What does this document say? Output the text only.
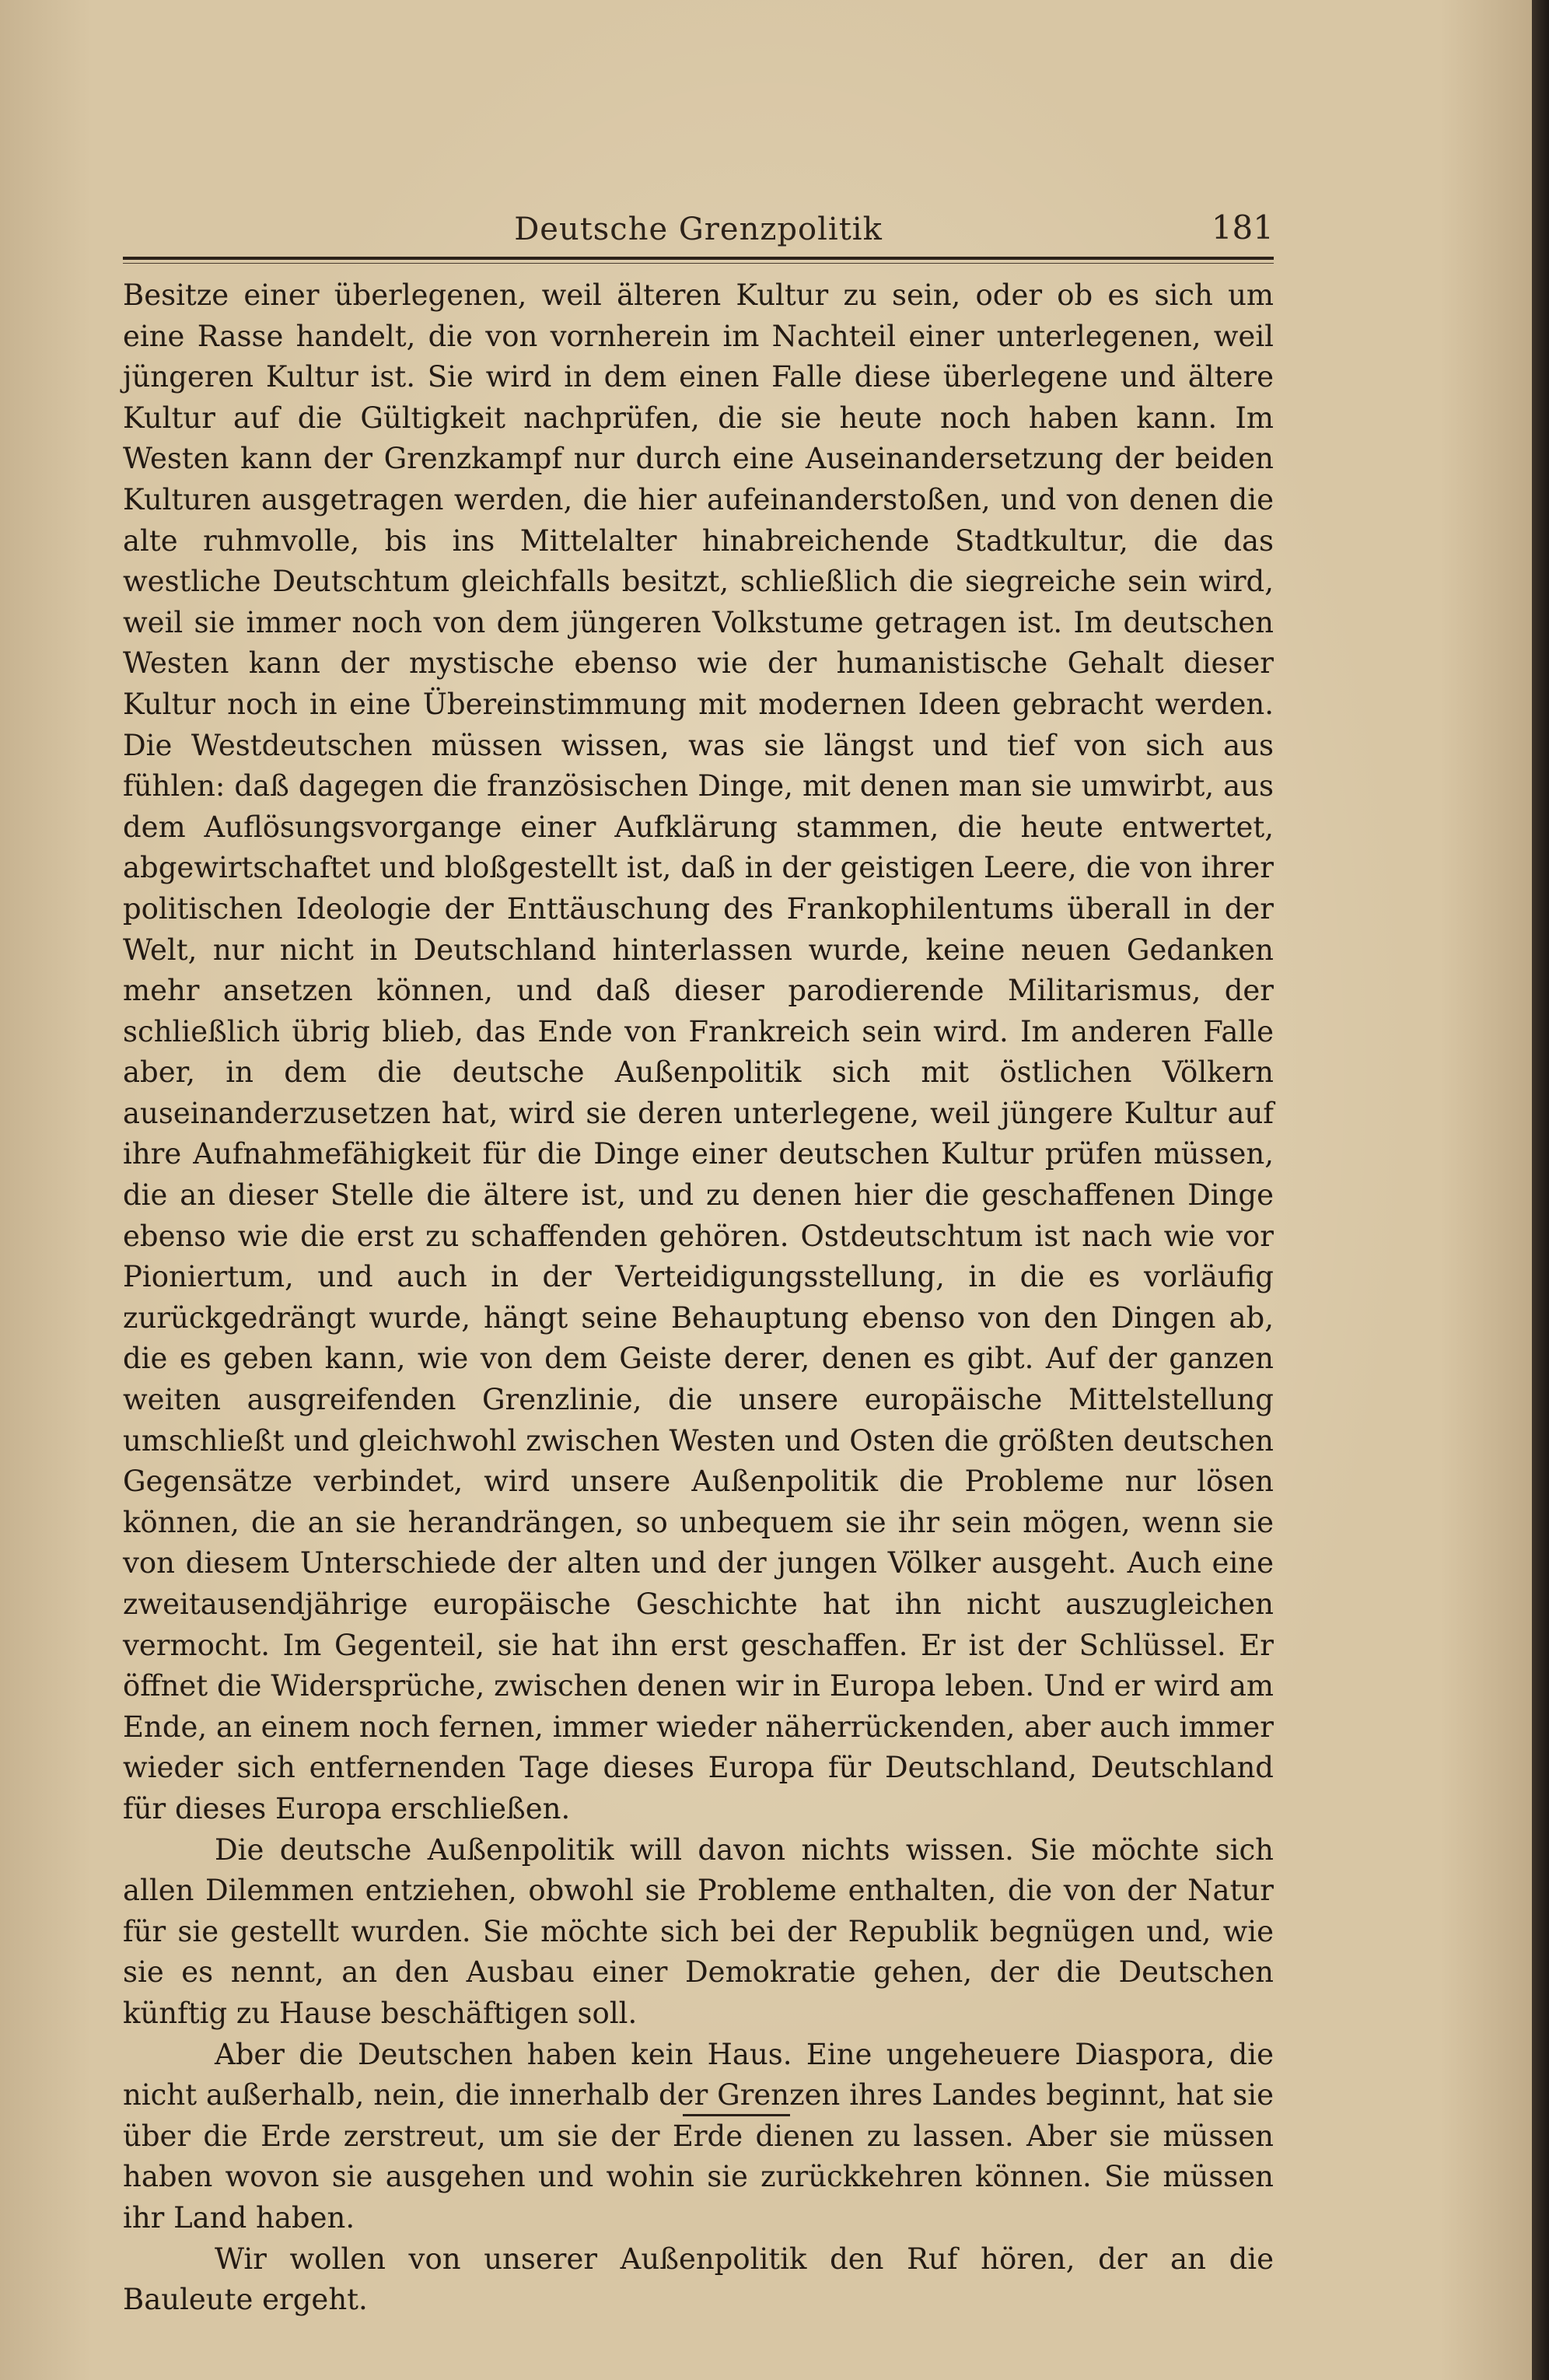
Deutsche Grenzpolitik	181

Besitze einer überlegenen, weil älteren Kultur zu sein, oder ob es sich um eine Rasse handelt, die von vornherein im Nachteil einer unterlegenen, weil jüngeren Kultur ist. Sie wird in dem einen Falle diese überlegene und ältere Kultur auf die Gültigkeit nachprüfen, die sie heute noch haben kann. Im Westen kann der Grenzkampf nur durch eine Auseinandersetzung der beiden Kulturen ausgetragen werden, die hier aufeinanderstoßen, und von denen die alte ruhmvolle, bis ins Mittelalter hinabreichende Stadtkultur, die das westliche Deutschtum gleichfalls besitzt, schließlich die siegreiche sein wird, weil sie immer noch von dem jüngeren Volkstume getragen ist. Im deutschen Westen kann der mystische ebenso wie der humanistische Gehalt dieser Kultur noch in eine Übereinstimmung mit modernen Ideen gebracht werden. Die Westdeutschen müssen wissen, was sie längst und tief von sich aus fühlen: daß dagegen die französischen Dinge, mit denen man sie umwirbt, aus dem Auflösungsvorgange einer Aufklärung stammen, die heute entwertet, abgewirtschaftet und bloßgestellt ist, daß in der geistigen Leere, die von ihrer politischen Ideologie der Enttäuschung des Frankophilentums überall in der Welt, nur nicht in Deutschland hinterlassen wurde, keine neuen Gedanken mehr ansetzen können, und daß dieser parodierende Militarismus, der schließlich übrig blieb, das Ende von Frankreich sein wird. Im anderen Falle aber, in dem die deutsche Außenpolitik sich mit östlichen Völkern auseinanderzusetzen hat, wird sie deren unterlegene, weil jüngere Kultur auf ihre Aufnahmefähigkeit für die Dinge einer deutschen Kultur prüfen müssen, die an dieser Stelle die ältere ist, und zu denen hier die geschaffenen Dinge ebenso wie die erst zu schaffenden gehören. Ostdeutschtum ist nach wie vor Pioniertum, und auch in der Verteidigungsstellung, in die es vorläufig zurückgedrängt wurde, hängt seine Behauptung ebenso von den Dingen ab, die es geben kann, wie von dem Geiste derer, denen es gibt. Auf der ganzen weiten ausgreifenden Grenzlinie, die unsere europäische Mittelstellung umschließt und gleichwohl zwischen Westen und Osten die größten deutschen Gegensätze verbindet, wird unsere Außenpolitik die Probleme nur lösen können, die an sie herandrängen, so unbequem sie ihr sein mögen, wenn sie von diesem Unterschiede der alten und der jungen Völker ausgeht. Auch eine zweitausendjährige europäische Geschichte hat ihn nicht auszugleichen vermocht. Im Gegenteil, sie hat ihn erst geschaffen. Er ist der Schlüssel. Er öffnet die Widersprüche, zwischen denen wir in Europa leben. Und er wird am Ende, an einem noch fernen, immer wieder näherrückenden, aber auch immer wieder sich entfernenden Tage dieses Europa für Deutschland, Deutschland für dieses Europa erschließen.

Die deutsche Außenpolitik will davon nichts wissen. Sie möchte sich allen Dilemmen entziehen, obwohl sie Probleme enthalten, die von der Natur für sie gestellt wurden. Sie möchte sich bei der Republik begnügen und, wie sie es nennt, an den Ausbau einer Demokratie gehen, der die Deutschen künftig zu Hause beschäftigen soll.

Aber die Deutschen haben kein Haus. Eine ungeheuere Diaspora, die nicht außerhalb, nein, die innerhalb der Grenzen ihres Landes beginnt, hat sie über die Erde zerstreut, um sie der Erde dienen zu lassen. Aber sie müssen haben wovon sie ausgehen und wohin sie zurückkehren können. Sie müssen ihr Land haben.

Wir wollen von unserer Außenpolitik den Ruf hören, der an die Bauleute ergeht.
